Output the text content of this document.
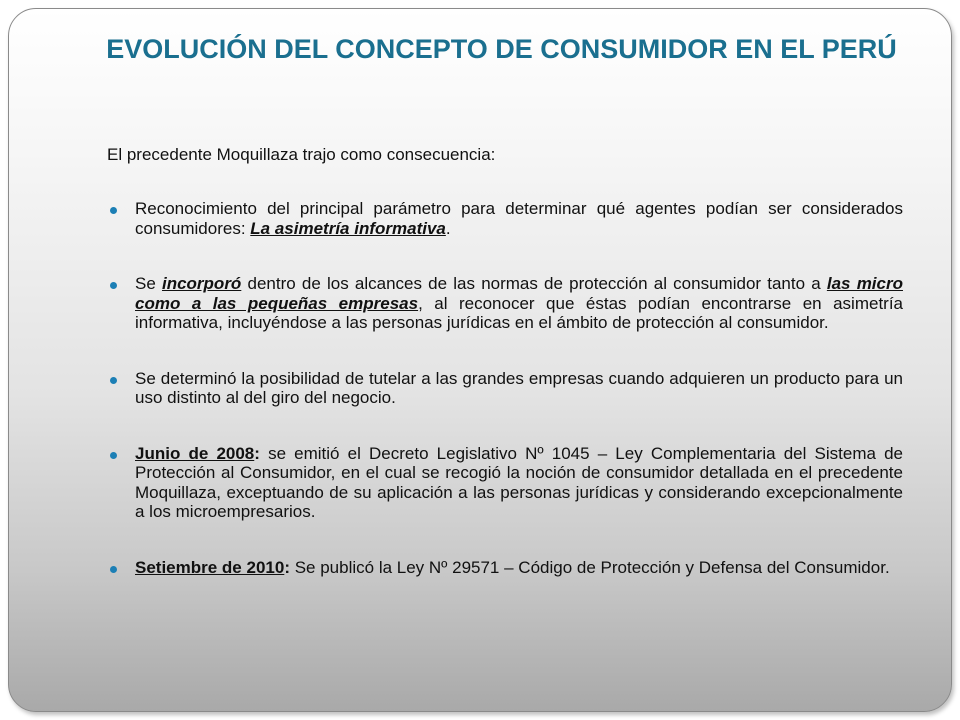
EVOLUCIÓN DEL CONCEPTO DE CONSUMIDOR EN EL PERÚ

El precedente Moquillaza trajo como consecuencia:

Reconocimiento del principal parámetro para determinar qué agentes podían ser considerados consumidores: La asimetría informativa.
Se incorporó dentro de los alcances de las normas de protección al consumidor tanto a las micro como a las pequeñas empresas, al reconocer que éstas podían encontrarse en asimetría informativa, incluyéndose a las personas jurídicas en el ámbito de protección al consumidor.
Se determinó la posibilidad de tutelar a las grandes empresas cuando adquieren un producto para un uso distinto al del giro del negocio.
Junio de 2008: se emitió el Decreto Legislativo Nº 1045 – Ley Complementaria del Sistema de Protección al Consumidor, en el cual se recogió la noción de consumidor detallada en el precedente Moquillaza, exceptuando de su aplicación a las personas jurídicas y considerando excepcionalmente a los microempresarios.
Setiembre de 2010: Se publicó la Ley Nº 29571 – Código de Protección y Defensa del Consumidor.
